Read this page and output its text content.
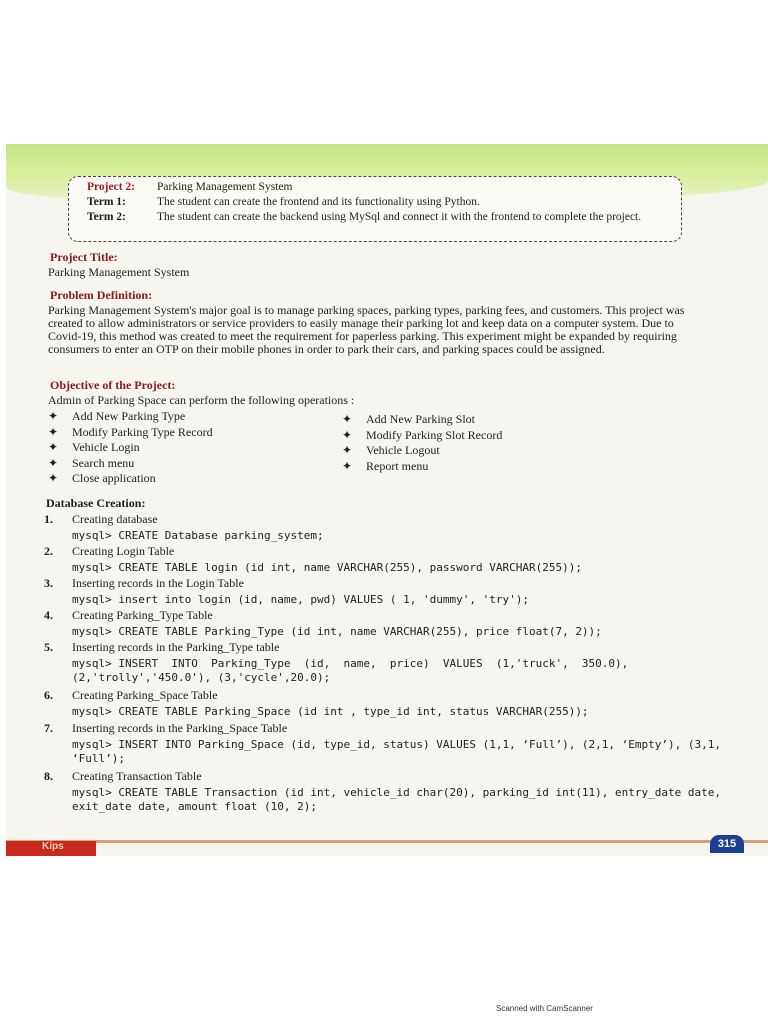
Project 2: Parking Management System
Term 1:	The student can create the frontend and its functionality using Python.
Term 2:	The student can create the backend using MySql and connect it with the frontend to complete the project.
Project Title:
Parking Management System
Problem Definition:
Parking Management System's major goal is to manage parking spaces, parking types, parking fees, and customers. This project was created to allow administrators or service providers to easily manage their parking lot and keep data on a computer system. Due to Covid-19, this method was created to meet the requirement for paperless parking. This experiment might be expanded by requiring consumers to enter an OTP on their mobile phones in order to park their cars, and parking spaces could be assigned.
Objective of the Project:
Admin of Parking Space can perform the following operations :
✦ Add New Parking Type
✦ Modify Parking Type Record
✦ Vehicle Login
✦ Search menu
✦ Close application
✦ Add New Parking Slot
✦ Modify Parking Slot Record
✦ Vehicle Logout
✦ Report menu
Database Creation:
1. Creating database
mysql> CREATE Database parking_system;
2. Creating Login Table
mysql> CREATE TABLE login (id int, name VARCHAR(255), password VARCHAR(255));
3. Inserting records in the Login Table
mysql> insert into login (id, name, pwd) VALUES ( 1, 'dummy', 'try');
4. Creating Parking_Type Table
mysql> CREATE TABLE Parking_Type (id int, name VARCHAR(255), price float(7, 2));
5. Inserting records in the Parking_Type table
mysql> INSERT  INTO  Parking_Type  (id,  name,  price)  VALUES  (1,'truck',  350.0), (2,'trolly','450.0'), (3,'cycle',20.0);
6. Creating Parking_Space Table
mysql> CREATE TABLE Parking_Space (id int , type_id int, status VARCHAR(255));
7. Inserting records in the Parking_Space Table
mysql> INSERT INTO Parking_Space (id, type_id, status) VALUES (1,1, ‘Full’), (2,1, ‘Empty’), (3,1, ‘Full’);
8. Creating Transaction Table
mysql> CREATE TABLE Transaction (id int, vehicle_id char(20), parking_id int(11), entry_date date, exit_date date, amount float (10, 2);
Kips	315
Scanned with CamScanner
